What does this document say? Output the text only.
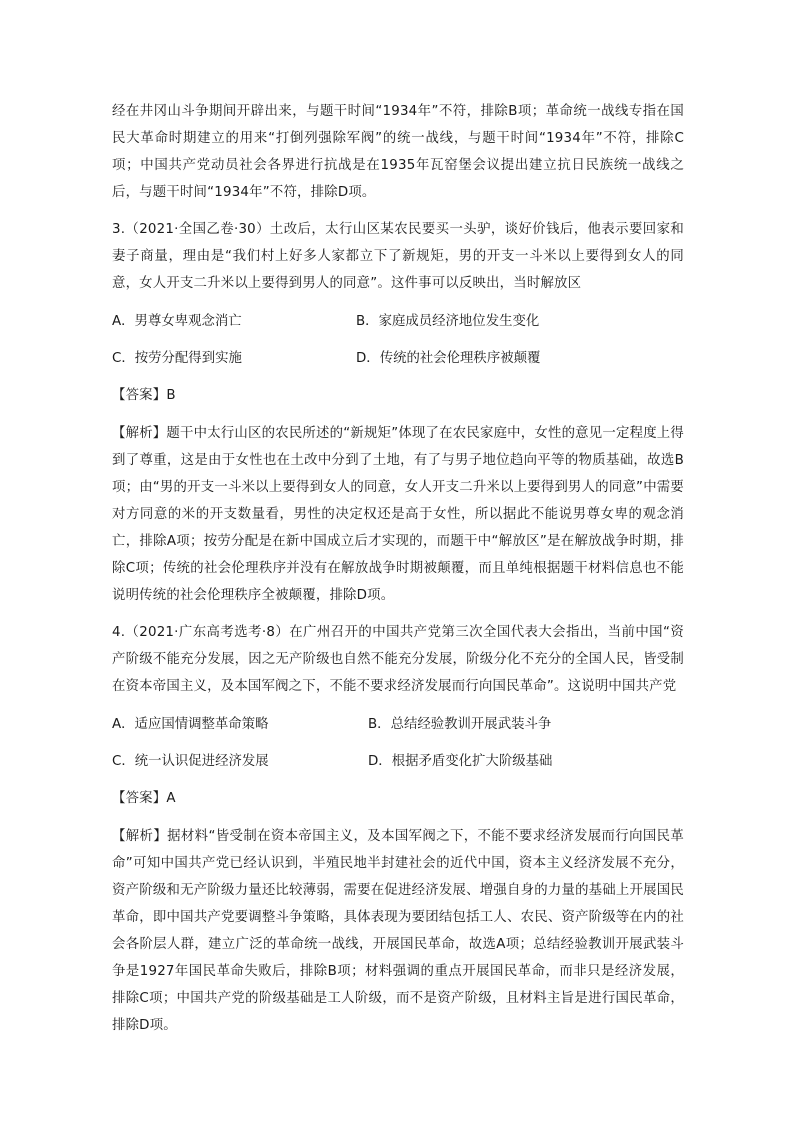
经在井冈山斗争期间开辟出来，与题干时间“1934年”不符，排除B项；革命统一战线专指在国民大革命时期建立的用来“打倒列强除军阀”的统一战线，与题干时间“1934年”不符，排除C项；中国共产党动员社会各界进行抗战是在1935年瓦窑堡会议提出建立抗日民族统一战线之后，与题干时间“1934年”不符，排除D项。

3.（2021·全国乙卷·30）土改后，太行山区某农民要买一头驴，谈好价钱后，他表示要回家和妻子商量，理由是“我们村上好多人家都立下了新规矩，男的开支一斗米以上要得到女人的同意，女人开支二升米以上要得到男人的同意”。这件事可以反映出，当时解放区

A．男尊女卑观念消亡	B．家庭成员经济地位发生变化
C．按劳分配得到实施	D．传统的社会伦理秩序被颠覆

【答案】B

【解析】题干中太行山区的农民所述的“新规矩”体现了在农民家庭中，女性的意见一定程度上得到了尊重，这是由于女性也在土改中分到了土地，有了与男子地位趋向平等的物质基础，故选B项；由“男的开支一斗米以上要得到女人的同意，女人开支二升米以上要得到男人的同意”中需要对方同意的米的开支数量看，男性的决定权还是高于女性，所以据此不能说男尊女卑的观念消亡，排除A项；按劳分配是在新中国成立后才实现的，而题干中“解放区”是在解放战争时期，排除C项；传统的社会伦理秩序并没有在解放战争时期被颠覆，而且单纯根据题干材料信息也不能说明传统的社会伦理秩序全被颠覆，排除D项。

4.（2021·广东高考选考·8）在广州召开的中国共产党第三次全国代表大会指出，当前中国“资产阶级不能充分发展，因之无产阶级也自然不能充分发展，阶级分化不充分的全国人民，皆受制在资本帝国主义，及本国军阀之下，不能不要求经济发展而行向国民革命”。这说明中国共产党

A．适应国情调整革命策略	B．总结经验教训开展武装斗争
C．统一认识促进经济发展	D．根据矛盾变化扩大阶级基础

【答案】A

【解析】据材料“皆受制在资本帝国主义，及本国军阀之下，不能不要求经济发展而行向国民革命”可知中国共产党已经认识到，半殖民地半封建社会的近代中国，资本主义经济发展不充分，资产阶级和无产阶级力量还比较薄弱，需要在促进经济发展、增强自身的力量的基础上开展国民革命，即中国共产党要调整斗争策略，具体表现为要团结包括工人、农民、资产阶级等在内的社会各阶层人群，建立广泛的革命统一战线，开展国民革命，故选A项；总结经验教训开展武装斗争是1927年国民革命失败后，排除B项；材料强调的重点开展国民革命，而非只是经济发展，排除C项；中国共产党的阶级基础是工人阶级，而不是资产阶级，且材料主旨是进行国民革命，排除D项。
